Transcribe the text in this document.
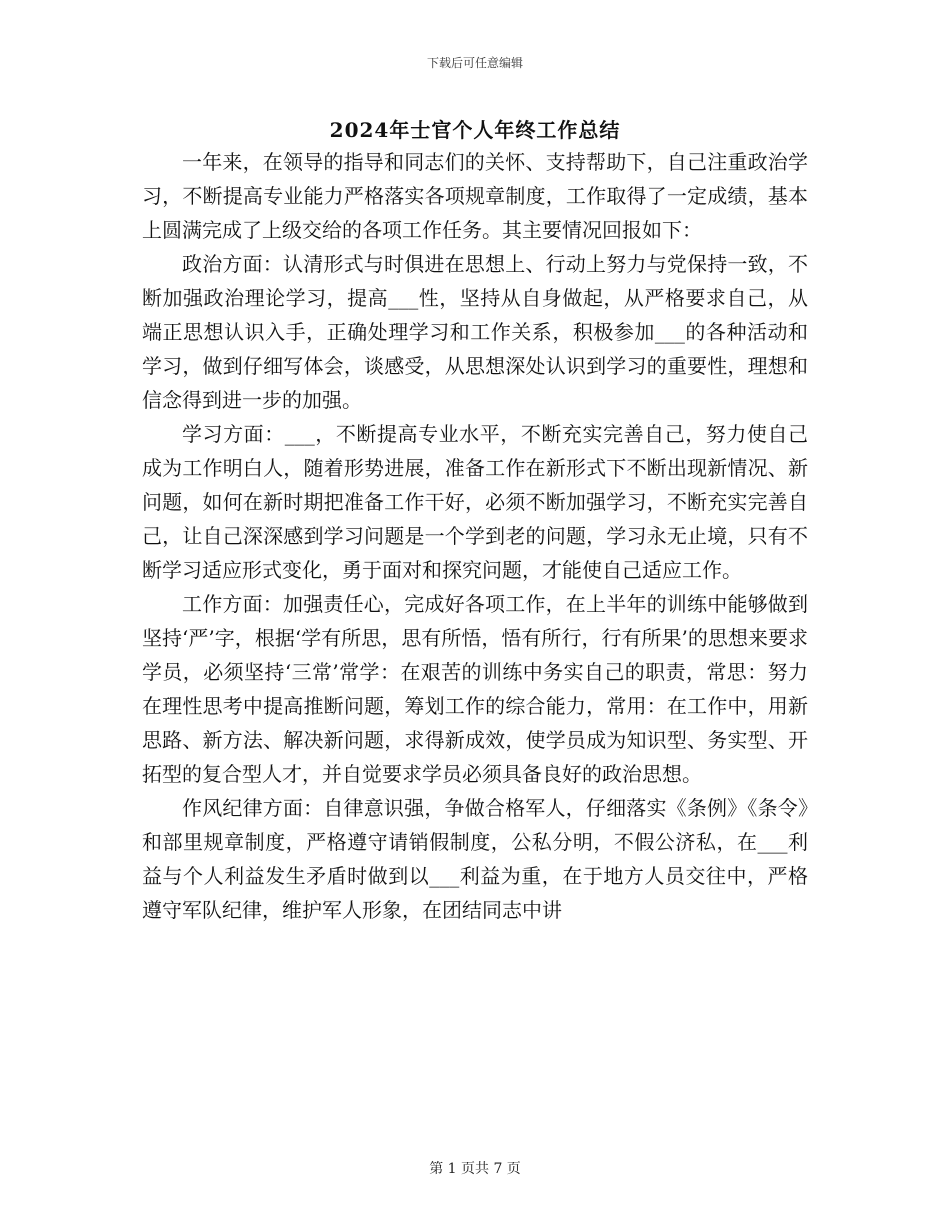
下载后可任意编辑
2024年士官个人年终工作总结

一年来，在领导的指导和同志们的关怀、支持帮助下，自己注重政治学习，不断提高专业能力严格落实各项规章制度，工作取得了一定成绩，基本上圆满完成了上级交给的各项工作任务。其主要情况回报如下：

政治方面：认清形式与时俱进在思想上、行动上努力与党保持一致，不断加强政治理论学习，提高___性，坚持从自身做起，从严格要求自己，从端正思想认识入手，正确处理学习和工作关系，积极参加___的各种活动和学习，做到仔细写体会，谈感受，从思想深处认识到学习的重要性，理想和信念得到进一步的加强。

学习方面：___，不断提高专业水平，不断充实完善自己，努力使自己成为工作明白人，随着形势进展，准备工作在新形式下不断出现新情况、新问题，如何在新时期把准备工作干好，必须不断加强学习，不断充实完善自己，让自己深深感到学习问题是一个学到老的问题，学习永无止境，只有不断学习适应形式变化，勇于面对和探究问题，才能使自己适应工作。

工作方面：加强责任心，完成好各项工作，在上半年的训练中能够做到坚持‘严’字，根据‘学有所思，思有所悟，悟有所行，行有所果’的思想来要求学员，必须坚持‘三常’常学：在艰苦的训练中务实自己的职责，常思：努力在理性思考中提高推断问题，筹划工作的综合能力，常用：在工作中，用新思路、新方法、解决新问题，求得新成效，使学员成为知识型、务实型、开拓型的复合型人才，并自觉要求学员必须具备良好的政治思想。

作风纪律方面：自律意识强，争做合格军人，仔细落实《条例》《条令》和部里规章制度，严格遵守请销假制度，公私分明，不假公济私，在___利益与个人利益发生矛盾时做到以___利益为重，在于地方人员交往中，严格遵守军队纪律，维护军人形象，在团结同志中讲

第 1 页共 7 页
